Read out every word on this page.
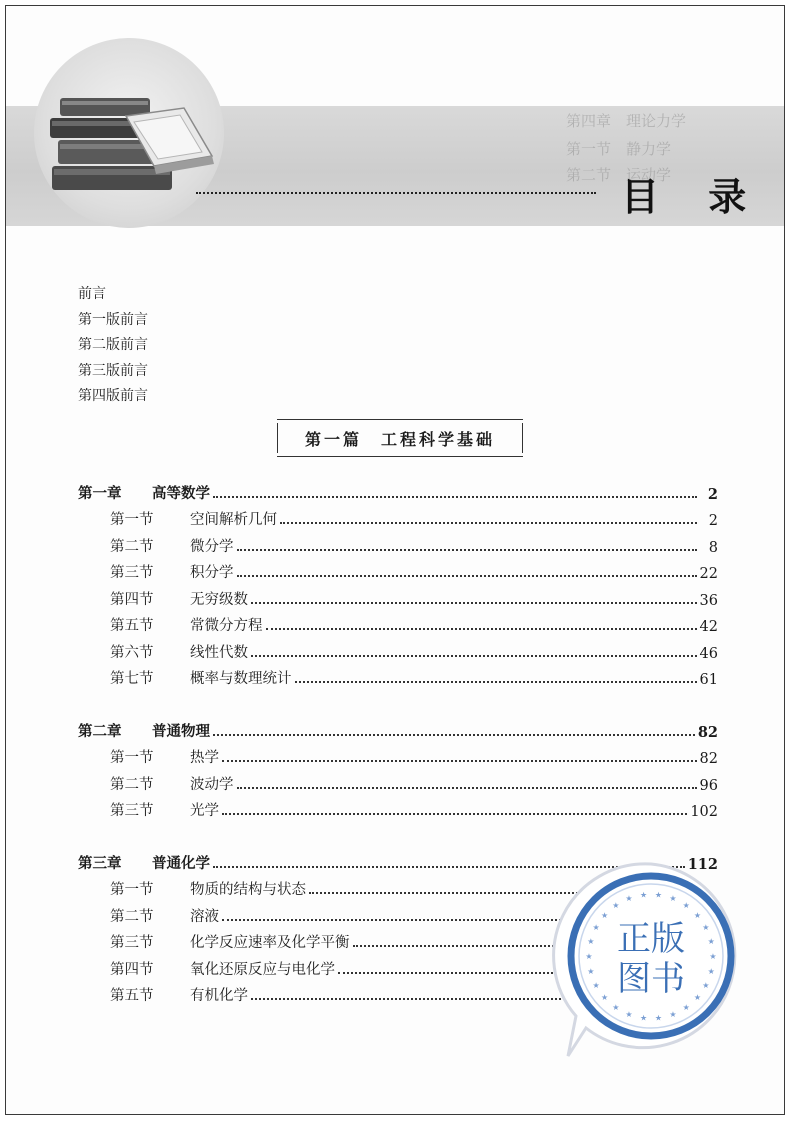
第四章　理论力学
第一节　静力学
第二节　运动学
目 录
前言
第一版前言
第二版前言
第三版前言
第四版前言
第一篇　工程科学基础
第一章	高等数学	2
第一节	空间解析几何	2
第二节	微分学	8
第三节	积分学	22
第四节	无穷级数	36
第五节	常微分方程	42
第六节	线性代数	46
第七节	概率与数理统计	61
第二章	普通物理	82
第一节	热学	82
第二节	波动学	96
第三节	光学	102
第三章	普通化学	112
第一节	物质的结构与状态
第二节	溶液
第三节	化学反应速率及化学平衡
第四节	氧化还原反应与电化学
第五节	有机化学
★
★
★
★
★
★
★
★
★
★
★
★
★
★
★
★
★
★
★ ★ ★ ★
★
★
★
★
正版
图书
